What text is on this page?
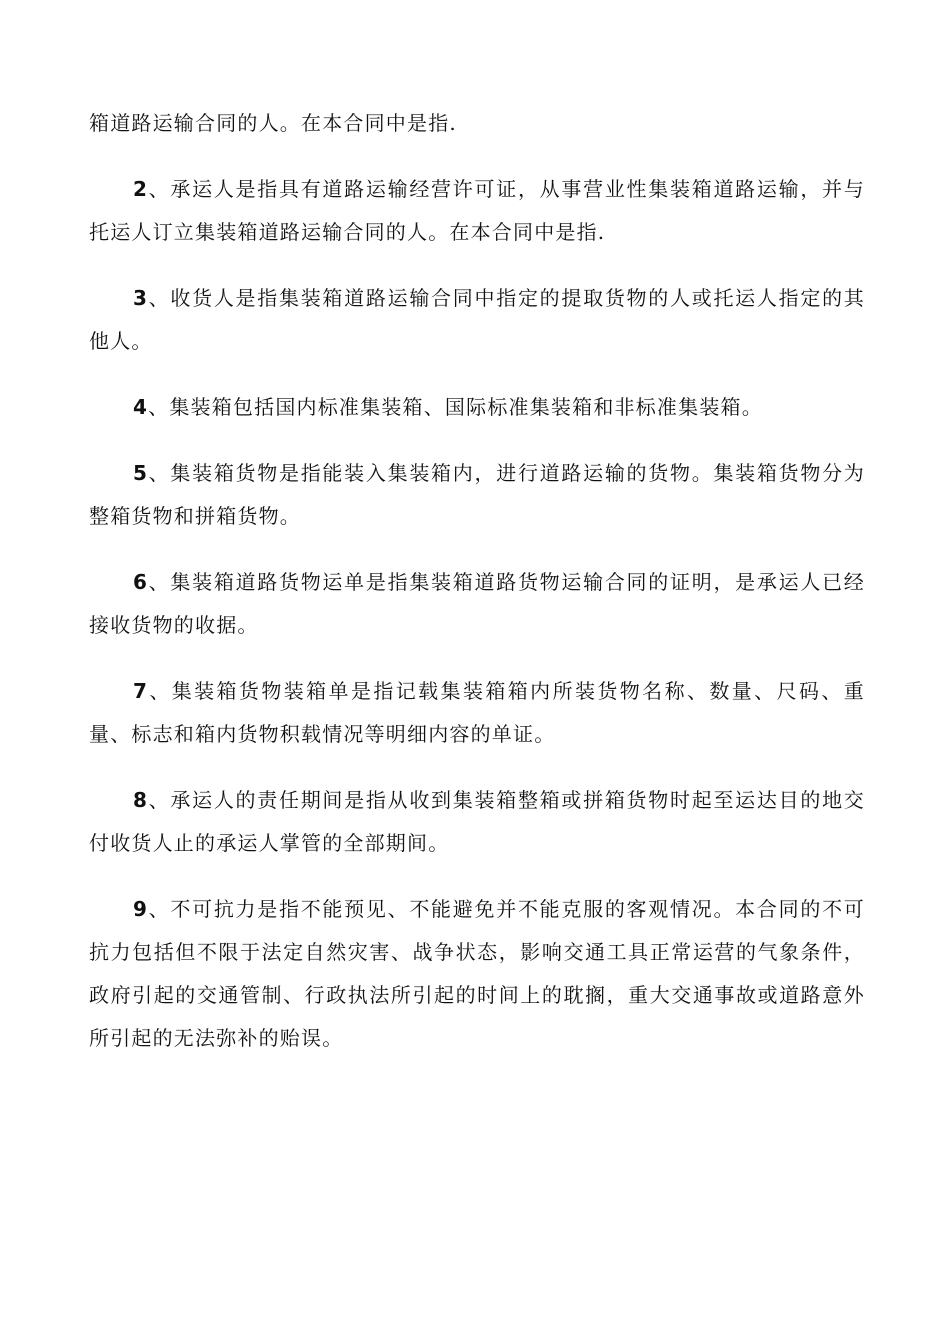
箱道路运输合同的人。在本合同中是指.

2、承运人是指具有道路运输经营许可证，从事营业性集装箱道路运输，并与托运人订立集装箱道路运输合同的人。在本合同中是指.

3、收货人是指集装箱道路运输合同中指定的提取货物的人或托运人指定的其他人。

4、集装箱包括国内标准集装箱、国际标准集装箱和非标准集装箱。

5、集装箱货物是指能装入集装箱内，进行道路运输的货物。集装箱货物分为整箱货物和拼箱货物。

6、集装箱道路货物运单是指集装箱道路货物运输合同的证明，是承运人已经接收货物的收据。

7、集装箱货物装箱单是指记载集装箱箱内所装货物名称、数量、尺码、重量、标志和箱内货物积载情况等明细内容的单证。

8、承运人的责任期间是指从收到集装箱整箱或拼箱货物时起至运达目的地交付收货人止的承运人掌管的全部期间。

9、不可抗力是指不能预见、不能避免并不能克服的客观情况。本合同的不可抗力包括但不限于法定自然灾害、战争状态，影响交通工具正常运营的气象条件，政府引起的交通管制、行政执法所引起的时间上的耽搁，重大交通事故或道路意外所引起的无法弥补的贻误。
